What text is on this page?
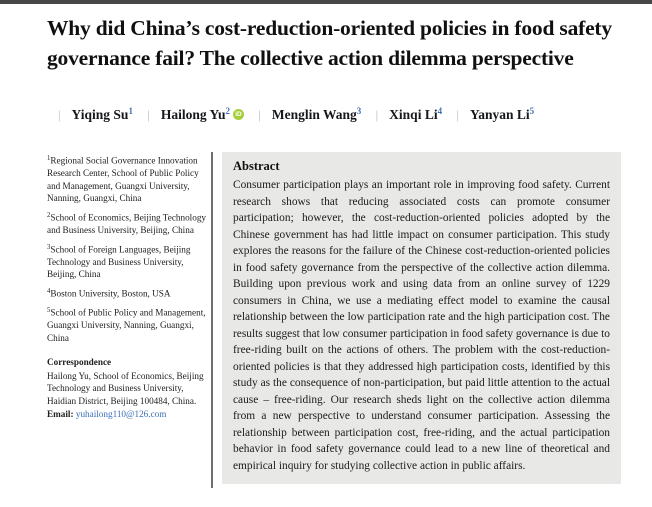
Why did China’s cost-reduction-oriented policies in food safety governance fail? The collective action dilemma perspective
| Yiqing Su$^1$ | Hailong Yu$^2$ iD | Menglin Wang$^3$ | Xinqi Li$^4$ | Yanyan Li$^5$

$^1$Regional Social Governance Innovation Research Center, School of Public Policy and Management, Guangxi University, Nanning, Guangxi, China

$^2$School of Economics, Beijing Technology and Business University, Beijing, China

$^3$School of Foreign Languages, Beijing Technology and Business University, Beijing, China

$^4$Boston University, Boston, USA

$^5$School of Public Policy and Management, Guangxi University, Nanning, Guangxi, China

Correspondence

Hailong Yu, School of Economics, Beijing Technology and Business University, Haidian District, Beijing 100484, China.

Email: yuhailong110@126.com

Abstract
Consumer participation plays an important role in improving food safety. Current research shows that reducing associated costs can promote consumer participation; however, the cost-reduction-oriented policies adopted by the Chinese government has had little impact on consumer participation. This study explores the reasons for the failure of the Chinese cost-reduction-oriented policies in food safety governance from the perspective of the collective action dilemma. Building upon previous work and using data from an online survey of 1229 consumers in China, we use a mediating effect model to examine the causal relationship between the low participation rate and the high participation cost. The results suggest that low consumer participation in food safety governance is due to free-riding built on the actions of others. The problem with the cost-reduction-oriented policies is that they addressed high participation costs, identified by this study as the consequence of non-participation, but paid little attention to the actual cause – free-riding. Our research sheds light on the collective action dilemma from a new perspective to understand consumer participation. Assessing the relationship between participation cost, free-riding, and the actual participation behavior in food safety governance could lead to a new line of theoretical and empirical inquiry for studying collective action in public affairs.
